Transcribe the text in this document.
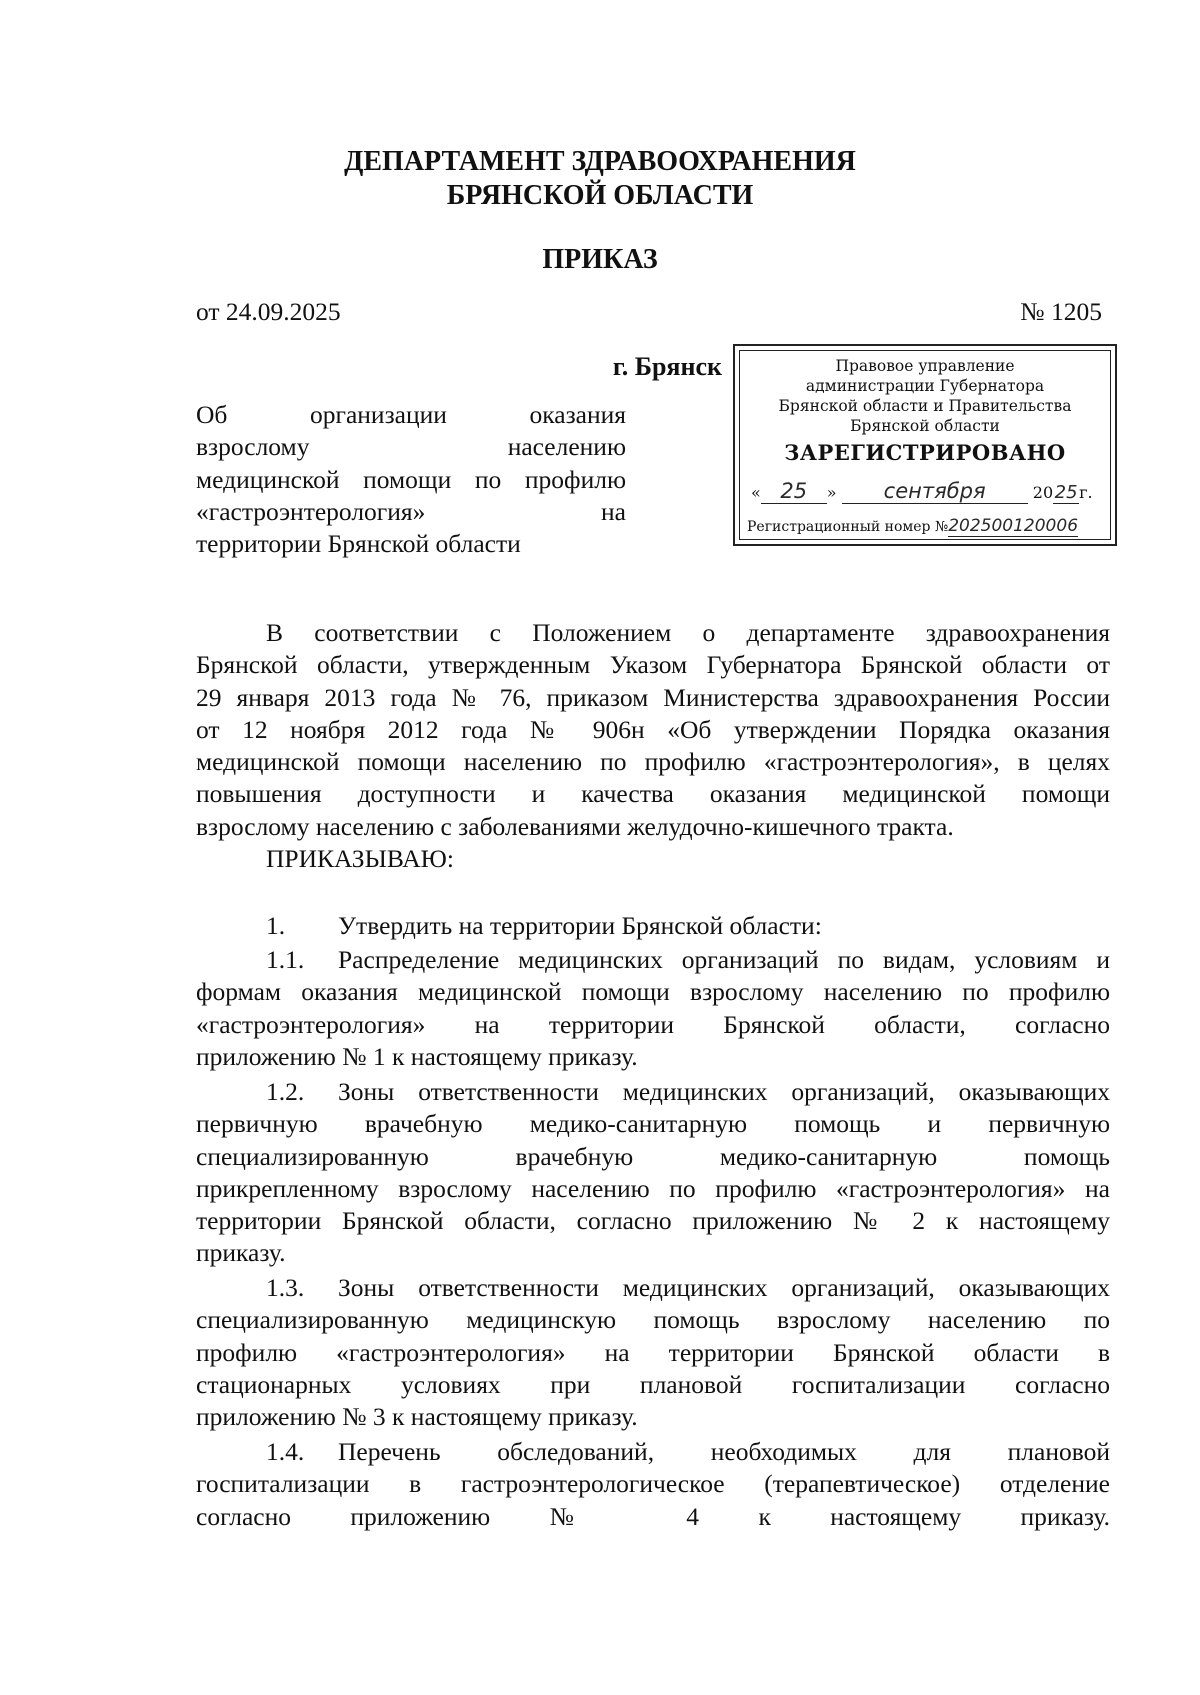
ДЕПАРТАМЕНТ ЗДРАВООХРАНЕНИЯ
БРЯНСКОЙ ОБЛАСТИ
ПРИКАЗ
от 24.09.2025	№ 1205
г. Брянск
Об организации оказания
взрослому населению
медицинской помощи по профилю
«гастроэнтерология» на
территории Брянской области
Правовое управление
администрации Губернатора
Брянской области и Правительства
Брянской области
ЗАРЕГИСТРИРОВАНО
« 25 » сентября	2025г.
Регистрационный номер №202500120006
В соответствии с Положением о департаменте здравоохранения
Брянской области, утвержденным Указом Губернатора Брянской области от
29 января 2013 года № 76, приказом Министерства здравоохранения России
от 12 ноября 2012 года № 906н «Об утверждении Порядка оказания
медицинской помощи населению по профилю «гастроэнтерология», в целях
повышения доступности и качества оказания медицинской помощи
взрослому населению с заболеваниями желудочно-кишечного тракта.
ПРИКАЗЫВАЮ:
1. Утвердить на территории Брянской области:
1.1. Распределение медицинских организаций по видам, условиям и
формам оказания медицинской помощи взрослому населению по профилю
«гастроэнтерология» на территории Брянской области, согласно
приложению № 1 к настоящему приказу.
1.2. Зоны ответственности медицинских организаций, оказывающих
первичную врачебную медико-санитарную помощь и первичную
специализированную врачебную медико-санитарную помощь
прикрепленному взрослому населению по профилю «гастроэнтерология» на
территории Брянской области, согласно приложению № 2 к настоящему
приказу.
1.3. Зоны ответственности медицинских организаций, оказывающих
специализированную медицинскую помощь взрослому населению по
профилю «гастроэнтерология» на территории Брянской области в
стационарных условиях при плановой госпитализации согласно
приложению № 3 к настоящему приказу.
1.4. Перечень обследований, необходимых для плановой
госпитализации в гастроэнтерологическое (терапевтическое) отделение
согласно приложению № 4 к настоящему приказу.
